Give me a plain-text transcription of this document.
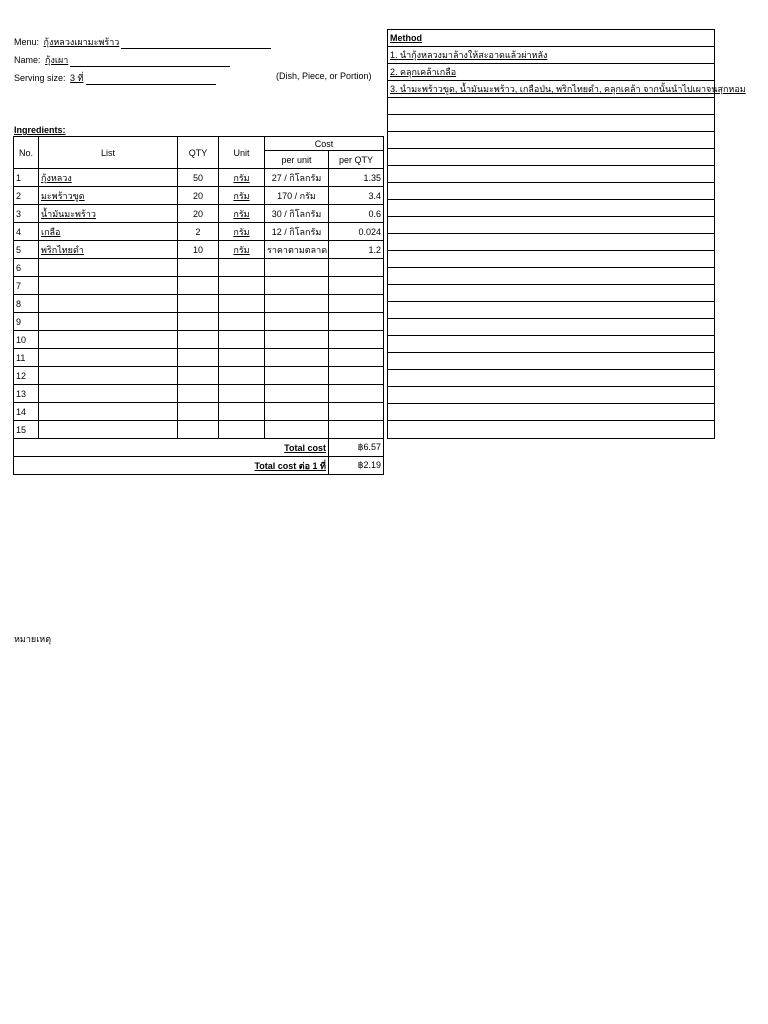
Menu: กุ้งหลวงเผามะพร้าว
Name: กุ้งเผา
Serving size: 3 ที่	(Dish, Piece, or Portion)
Ingredients:
No.	List	QTY	Unit	Cost	
				per unit	per QTY
1	กุ้งหลวง	50	กรัม	27 / กิโลกรัม	1.35
2	มะพร้าวขูด	20	กรัม	170 / กรัม	3.4
3	น้ำมันมะพร้าว	20	กรัม	30 / กิโลกรัม	0.6
4	เกลือ	2	กรัม	12 / กิโลกรัม	0.024
5	พริกไทยดำ	10	กรัม	ราคาตามตลาด	1.2
6					
7					
8					
9					
10					
11					
12					
13					
14					
15					
Total cost					฿6.57
Total cost ต่อ 1 ที่					฿2.19
Method
1. นำกุ้งหลวงมาล้างให้สะอาดแล้วผ่าหลัง
2. คลุกเคล้าเกลือ
3. นำมะพร้าวขูด, น้ำมันมะพร้าว, เกลือป่น, พริกไทยดำ, คลุกเคล้า จากนั้นนำไปเผาจนสุกหอม
หมายเหตุ
